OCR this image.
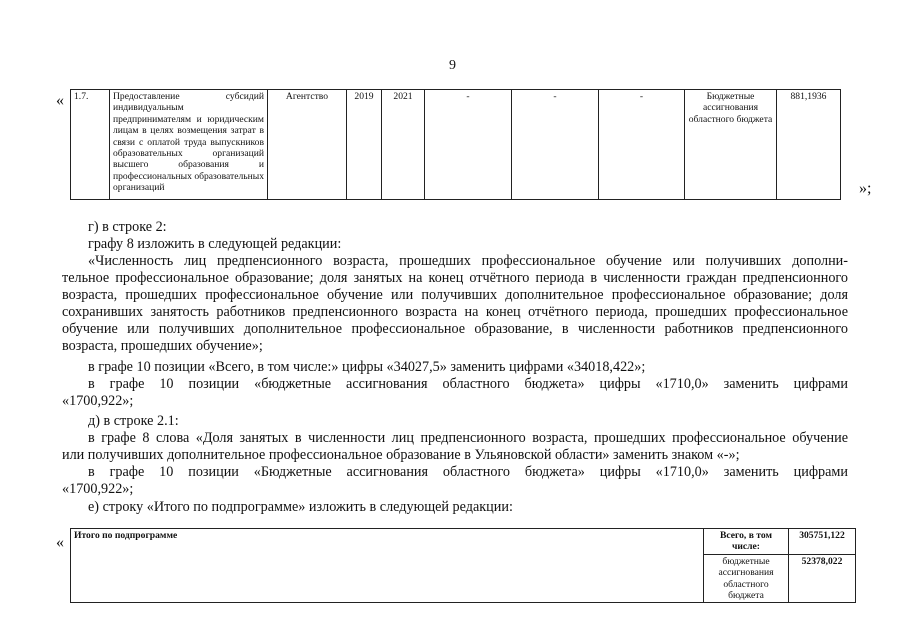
9
« 1.7.	Предоставление субсидий индивидуальным предпринимателям и юридическим лицам в целях возмещения затрат в связи с оплатой труда выпускников образовательных организаций высшего образования и профессиональных образовательных организаций	Агентство	2019	2021	-	-	-	Бюджетные ассигнования областного бюджета	881,1936
»;
г) в строке 2:
графу 8 изложить в следующей редакции:
«Численность лиц предпенсионного возраста, прошедших профессиональное обучение или получивших дополни-
тельное профессиональное образование; доля занятых на конец отчётного периода в численности граждан предпенсионного возраста, прошедших профессиональное обучение или получивших дополнительное профессиональное образование; доля сохранивших занятость работников предпенсионного возраста на конец отчётного периода, прошедших профессиональное обучение или получивших дополнительное профессиональное образование, в численности работников предпенсионного возраста, прошедших обучение»;
в графе 10 позиции «Всего, в том числе:» цифры «34027,5» заменить цифрами «34018,422»;
в графе 10 позиции «бюджетные ассигнования областного бюджета» цифры «1710,0» заменить цифрами
«1700,922»;
д) в строке 2.1:
в графе 8 слова «Доля занятых в численности лиц предпенсионного возраста, прошедших профессиональное обучение
или получивших дополнительное профессиональное образование в Ульяновской области» заменить знаком «-»;
в графе 10 позиции «Бюджетные ассигнования областного бюджета» цифры «1710,0» заменить цифрами
«1700,922»;
е) строку «Итого по подпрограмме» изложить в следующей редакции:
« Итого по подпрограмме	Всего, в том числе:	305751,122
	бюджетные ассигнования областного бюджета	52378,022
